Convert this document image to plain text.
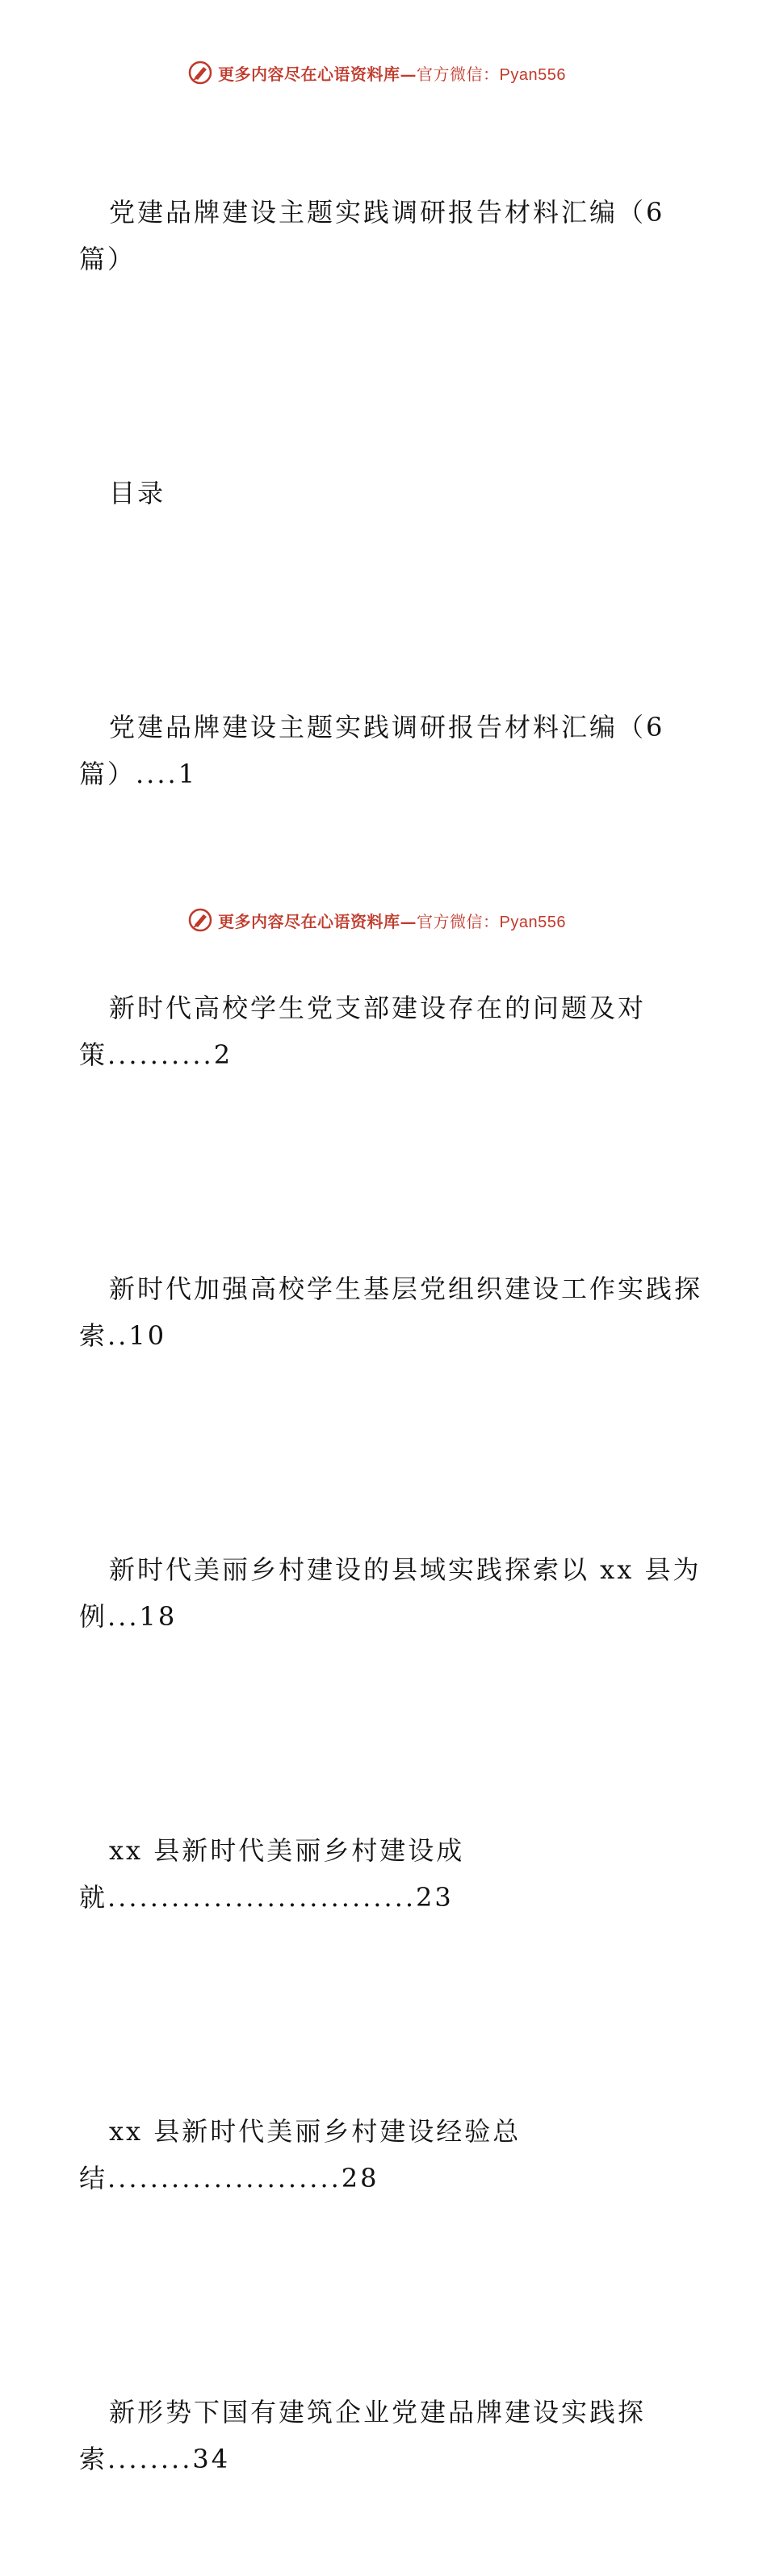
更多内容尽在心语资料库—官方微信：Pyan556

党建品牌建设主题实践调研报告材料汇编（6
篇）

目录

党建品牌建设主题实践调研报告材料汇编（6
篇）....1

新时代高校学生党支部建设存在的问题及对
策..........2

新时代加强高校学生基层党组织建设工作实践探
索..10

新时代美丽乡村建设的县域实践探索以 xx 县为
例...18

xx 县新时代美丽乡村建设成
就.............................23

xx 县新时代美丽乡村建设经验总
结......................28

新形势下国有建筑企业党建品牌建设实践探
索........34

更多内容尽在心语资料库—官方微信：Pyan556
